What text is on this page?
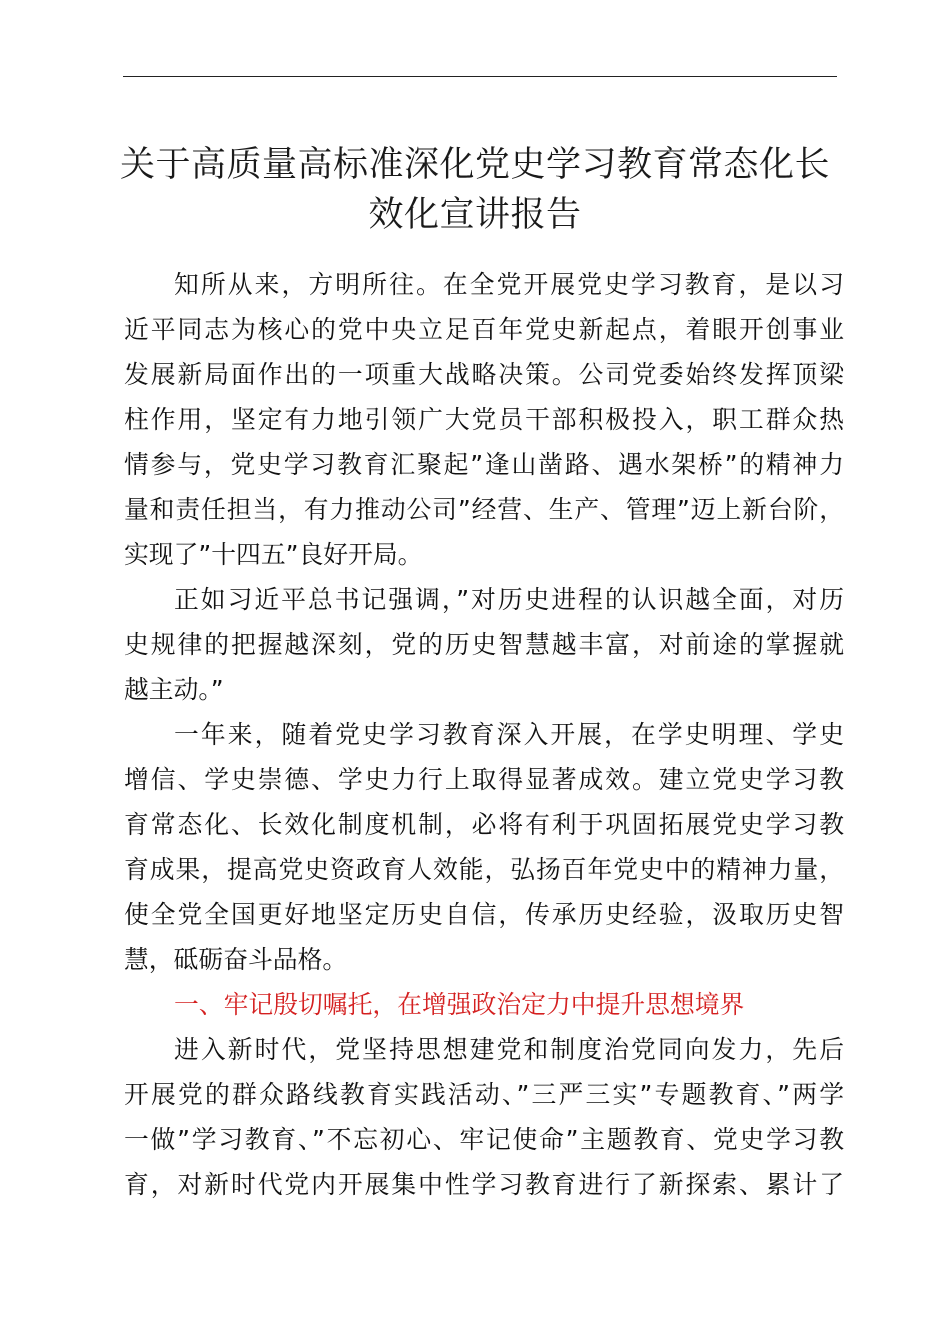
关于高质量高标准深化党史学习教育常态化长
效化宣讲报告
知所从来，方明所往。在全党开展党史学习教育，是以习
近平同志为核心的党中央立足百年党史新起点，着眼开创事业
发展新局面作出的一项重大战略决策。公司党委始终发挥顶梁
柱作用，坚定有力地引领广大党员干部积极投入，职工群众热
情参与，党史学习教育汇聚起”逢山凿路、遇水架桥”的精神力
量和责任担当，有力推动公司”经营、生产、管理”迈上新台阶，
实现了”十四五”良好开局。
正如习近平总书记强调，”对历史进程的认识越全面，对历
史规律的把握越深刻，党的历史智慧越丰富，对前途的掌握就
越主动。”
一年来，随着党史学习教育深入开展，在学史明理、学史
增信、学史崇德、学史力行上取得显著成效。建立党史学习教
育常态化、长效化制度机制，必将有利于巩固拓展党史学习教
育成果，提高党史资政育人效能，弘扬百年党史中的精神力量，
使全党全国更好地坚定历史自信，传承历史经验，汲取历史智
慧，砥砺奋斗品格。
一、牢记殷切嘱托，在增强政治定力中提升思想境界
进入新时代，党坚持思想建党和制度治党同向发力，先后
开展党的群众路线教育实践活动、”三严三实”专题教育、”两学
一做”学习教育、”不忘初心、牢记使命”主题教育、党史学习教
育，对新时代党内开展集中性学习教育进行了新探索、累计了
